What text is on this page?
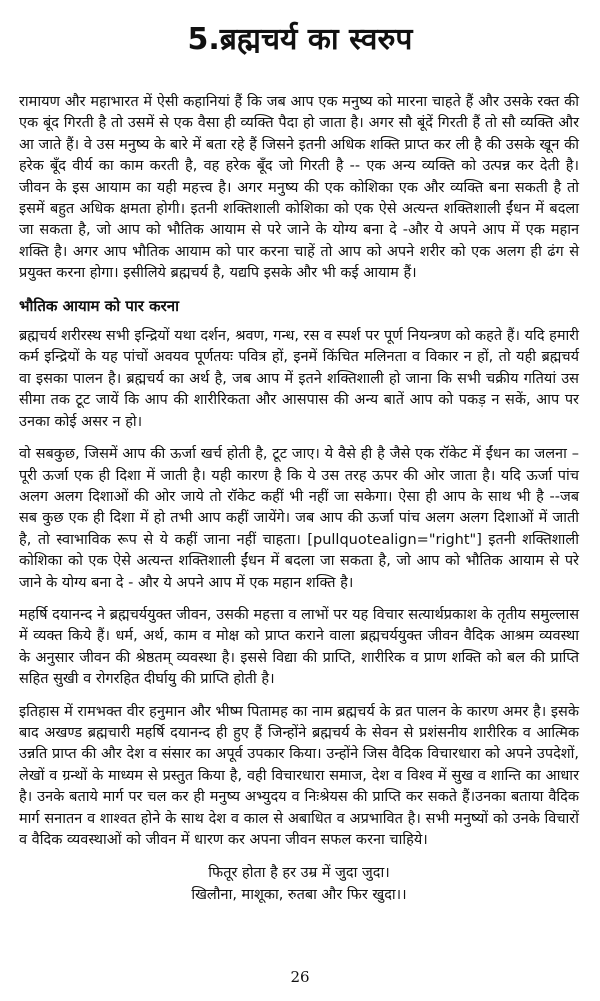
5.ब्रह्मचर्य का स्वरुप

रामायण और महाभारत में ऐसी कहानियां हैं कि जब आप एक मनुष्य को मारना चाहते हैं और उसके रक्त की एक बूंद गिरती है तो उसमें से एक वैसा ही व्यक्ति पैदा हो जाता है। अगर सौ बूंदें गिरती हैं तो सौ व्यक्ति और आ जाते हैं। वे उस मनुष्य के बारे में बता रहे हैं जिसने इतनी अधिक शक्ति प्राप्त कर ली है की उसके खून की हरेक बूँद वीर्य का काम करती है, वह हरेक बूँद जो गिरती है -- एक अन्य व्यक्ति को उत्पन्न कर देती है। जीवन के इस आयाम का यही महत्त्व है। अगर मनुष्य की एक कोशिका एक और व्यक्ति बना सकती है तो इसमें बहुत अधिक क्षमता होगी। इतनी शक्तिशाली कोशिका को एक ऐसे अत्यन्त शक्तिशाली ईंधन में बदला जा सकता है, जो आप को भौतिक आयाम से परे जाने के योग्य बना दे -और ये अपने आप में एक महान शक्ति है। अगर आप भौतिक आयाम को पार करना चाहें तो आप को अपने शरीर को एक अलग ही ढंग से प्रयुक्त करना होगा। इसीलिये ब्रह्मचर्य है, यद्यपि इसके और भी कई आयाम हैं।

भौतिक आयाम को पार करना

ब्रह्मचर्य शरीरस्थ सभी इन्द्रियों यथा दर्शन, श्रवण, गन्ध, रस व स्पर्श पर पूर्ण नियन्त्रण को कहते हैं। यदि हमारी कर्म इन्द्रियों के यह पांचों अवयव पूर्णतयः पवित्र हों, इनमें किंचित मलिनता व विकार न हों, तो यही ब्रह्मचर्य वा इसका पालन है। ब्रह्मचर्य का अर्थ है, जब आप में इतने शक्तिशाली हो जाना कि सभी चक्रीय गतियां उस सीमा तक टूट जायें कि आप की शारीरिकता और आसपास की अन्य बातें आप को पकड़ न सकें, आप पर उनका कोई असर न हो।

वो सबकुछ, जिसमें आप की ऊर्जा खर्च होती है, टूट जाए। ये वैसे ही है जैसे एक रॉकेट में ईंधन का जलना – पूरी ऊर्जा एक ही दिशा में जाती है। यही कारण है कि ये उस तरह ऊपर की ओर जाता है। यदि ऊर्जा पांच अलग अलग दिशाओं की ओर जाये तो रॉकेट कहीं भी नहीं जा सकेगा। ऐसा ही आप के साथ भी है --जब सब कुछ एक ही दिशा में हो तभी आप कहीं जायेंगे। जब आप की ऊर्जा पांच अलग अलग दिशाओं में जाती है, तो स्वाभाविक रूप से ये कहीं जाना नहीं चाहता। [pullquotealign="right"] इतनी शक्तिशाली कोशिका को एक ऐसे अत्यन्त शक्तिशाली ईंधन में बदला जा सकता है, जो आप को भौतिक आयाम से परे जाने के योग्य बना दे - और ये अपने आप में एक महान शक्ति है।

महर्षि दयानन्द ने ब्रह्मचर्ययुक्त जीवन, उसकी महत्ता व लाभों पर यह विचार सत्यार्थप्रकाश के तृतीय समुल्लास में व्यक्त किये हैं। धर्म, अर्थ, काम व मोक्ष को प्राप्त कराने वाला ब्रह्मचर्ययुक्त जीवन वैदिक आश्रम व्यवस्था के अनुसार जीवन की श्रेष्ठतम् व्यवस्था है। इससे विद्या की प्राप्ति, शारीरिक व प्राण शक्ति को बल की प्राप्ति सहित सुखी व रोगरहित दीर्घायु की प्राप्ति होती है।

इतिहास में रामभक्त वीर हनुमान और भीष्म पितामह का नाम ब्रह्मचर्य के व्रत पालन के कारण अमर है। इसके बाद अखण्ड ब्रह्मचारी महर्षि दयानन्द ही हुए हैं जिन्होंने ब्रह्मचर्य के सेवन से प्रशंसनीय शारीरिक व आत्मिक उन्नति प्राप्त की और देश व संसार का अपूर्व उपकार किया। उन्होंने जिस वैदिक विचारधारा को अपने उपदेशों, लेखों व ग्रन्थों के माध्यम से प्रस्तुत किया है, वही विचारधारा समाज, देश व विश्व में सुख व शान्ति का आधार है। उनके बताये मार्ग पर चल कर ही मनुष्य अभ्युदय व निःश्रेयस की प्राप्ति कर सकते हैं।उनका बताया वैदिक मार्ग सनातन व शाश्वत होने के साथ देश व काल से अबाधित व अप्रभावित है। सभी मनुष्यों को उनके विचारों व वैदिक व्यवस्थाओं को जीवन में धारण कर अपना जीवन सफल करना चाहिये।

फितूर होता है हर उम्र में जुदा जुदा।
खिलौना, माशूका, रुतबा और फिर खुदा।।
26
